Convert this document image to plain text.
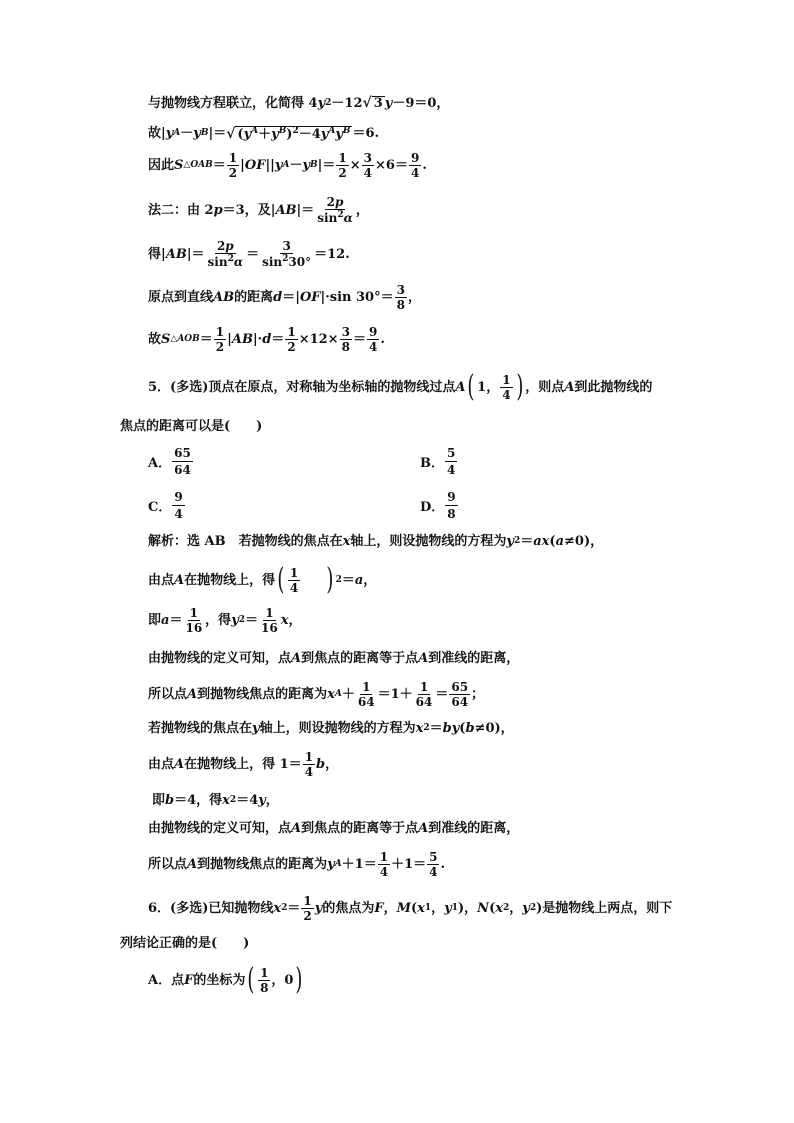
与抛物线方程联立，化简得 4 y 2 －12 √ 3 y －9＝0，
故| y A － y B |＝ √ $(y^A+y^B)^2-4y^Ay^B =6$.
因此 S △OAB ＝ $\frac{1}{2}$ | OF || y A － y B |＝ $\frac{1}{2} \times \frac{3}{4} \times 6= \frac{9}{4}$ .
法二：由 2 p ＝3，及| AB |＝ $\frac{2p}{\sin^2\alpha}$ ，
得| AB |＝ $\frac{2p}{\sin^2\alpha} = \frac{3}{\sin^230^\circ} =12$.
原点到直线 AB 的距离 d ＝| OF |·sin $30^\circ= \frac{3}{8}$ ，
故 S △AOB ＝ $\frac{1}{2}$ | AB |· $d = \frac{1}{2} \times 12\times \frac{3}{8} = \frac{9}{4}$ .
5．(多选)顶点在原点，对称轴为坐标轴的抛物线过点 A ( 1， $\frac{1}{4}$ ) ，则点 A 到此抛物线的
焦点的距离可以是(　　)
A． $\frac{65}{64}$	B． $\frac{5}{4}$
C． $\frac{9}{4}$	D． $\frac{9}{8}$
解析：选 AB　若抛物线的焦点在 x 轴上，则设抛物线的方程为 y 2 ＝ ax ( a ≠0)，
由点 A 在抛物线上，得 ( $\frac{1}{4}$
) 2 ＝ a ，
即 $a = \frac{1}{16}$ ，得 y $2 = \frac{1}{16}$ x ，
由抛物线的定义可知，点 A 到焦点的距离等于点 A 到准线的距离，
所以点 A 到抛物线焦点的距离为 x $A + \frac{1}{64} =1+ \frac{1}{64} = \frac{65}{64}$ ；
若抛物线的焦点在 y 轴上，则设抛物线的方程为 x 2 ＝ by ( b ≠0)，
由点 A 在抛物线上，得 $1= \frac{1}{4}$ b ，
即 b ＝4，得 x 2 ＝4 y ，
由抛物线的定义可知，点 A 到焦点的距离等于点 A 到准线的距离，
所以点 A 到抛物线焦点的距离为 y $A +1= \frac{1}{4} +1= \frac{5}{4}$ .
6．(多选)已知抛物线 x $2 = \frac{1}{2}$ y 的焦点为 F ， M ( x 1 ， y 1 )， N ( x 2 ， y 2 )是抛物线上两点，则下
列结论正确的是(　　)
A．点 F 的坐标为 ( $\frac{1}{8}$ ，0 )
